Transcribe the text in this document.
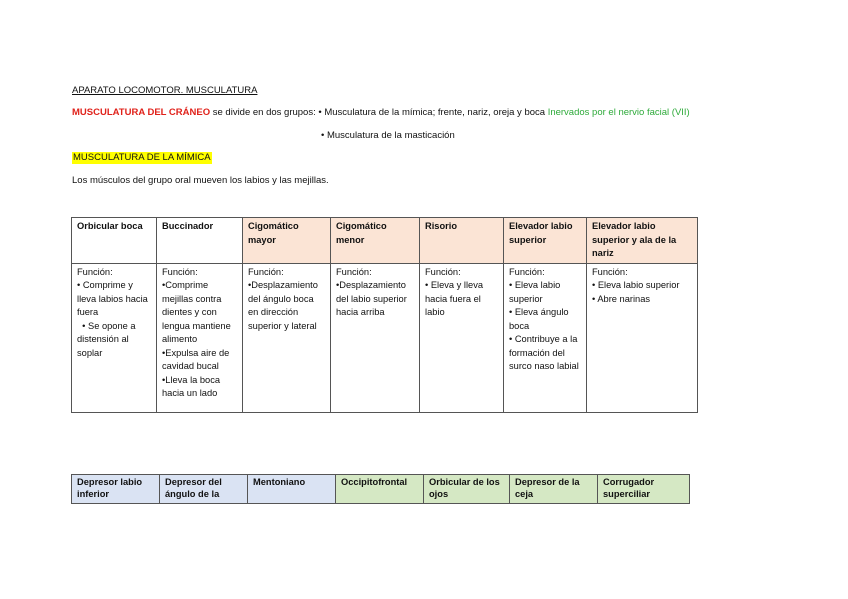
APARATO LOCOMOTOR. MUSCULATURA
MUSCULATURA DEL CRÁNEO se divide en dos grupos: • Musculatura de la mímica; frente, nariz, oreja y boca Inervados por el nervio facial (VII)
• Musculatura de la masticación
MUSCULATURA DE LA MÍMICA
Los músculos del grupo oral mueven los labios y las mejillas.
Orbicular boca	Buccinador	Cigomático mayor	Cigomático menor	Risorio	Elevador labio superior	Elevador labio superior y ala de la nariz

Función:
• Comprime y lleva labios hacia fuera
• Se opone a distensión al soplar	Función:
•Comprime mejillas contra dientes y con lengua mantiene alimento
•Expulsa aire de cavidad bucal
•Lleva la boca hacia un lado	Función:
•Desplazamiento del ángulo boca en dirección superior y lateral	Función:
•Desplazamiento del labio superior hacia arriba	Función:
• Eleva y lleva hacia fuera el labio	Función:
• Eleva labio superior
• Eleva ángulo boca
• Contribuye a la formación del surco naso labial	Función:
• Eleva labio superior
• Abre narinas
Depresor labio inferior	Depresor del ángulo de la	Mentoniano	Occipitofrontal	Orbicular de los ojos	Depresor de la ceja	Corrugador superciliar
